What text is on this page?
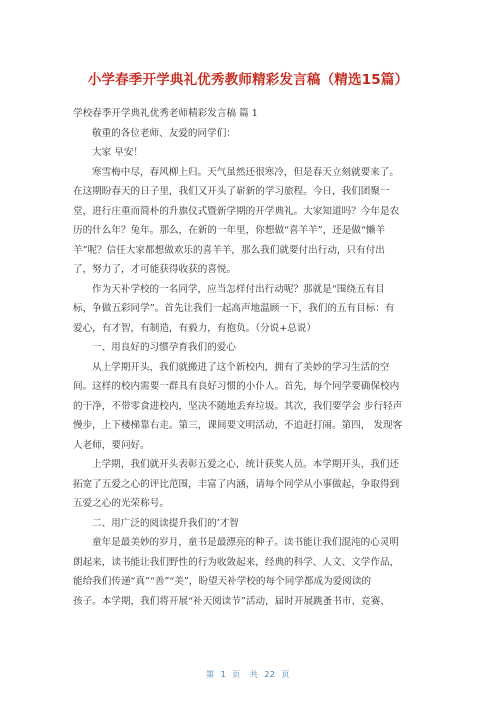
小学春季开学典礼优秀教师精彩发言稿（精选15篇）
学校春季开学典礼优秀老师精彩发言稿 篇 1
敬重的各位老师、友爱的同学们：
大家 早安！
寒雪梅中尽，春风柳上归。天气虽然还很寒冷，但是春天立刻就要来了。
在这期盼春天的日子里，我们又开头了崭新的学习旅程。今日，我们团聚一
堂，进行庄重而简朴的升旗仪式暨新学期的开学典礼。大家知道吗？今年是农
历的什么年？兔年。那么，在新的一年里，你想做“喜羊羊”，还是做“懒羊
羊”呢？信任大家都想做欢乐的喜羊羊，那么我们就要付出行动，只有付出
了，努力了，才可能获得收获的喜悦。
作为天补学校的一名同学，应当怎样付出行动呢？那就是“围绕五有目
标，争做五彩同学”。首先让我们一起高声地温顾一下，我们的五有目标：有
爱心，有才智，有制造，有毅力，有抱负。（分说+总说）
一、用良好的习惯孕育我们的爱心
从上学期开头，我们就搬进了这个新校内，拥有了美妙的学习生活的空
间。这样的校内需要一群具有良好习惯的小仆人。首先，每个同学要确保校内
的干净，不带零食进校内，坚决不随地丢弃垃圾。其次，我们要学会 步行轻声
慢步，上下楼梯靠右走。第三，课间要文明活动，不追赶打闹。第四， 发现客
人老师，要问好。
上学期，我们就开头表彰五爱之心，统计获奖人员。本学期开头，我们还
拓宽了五爱之心的评比范围，丰富了内涵，请每个同学从小事做起，争取得到
五爱之心的光荣称号。
二、用广泛的阅读提升我们的’才智
童年是最美妙的岁月，童书是最漂亮的种子。读书能让我们混沌的心灵明
朗起来，读书能让我们野性的行为收敛起来，经典的科学、人文、文学作品，
能给我们传递“真”“善”“美”，盼望天补学校的每个同学都成为爱阅读的
孩子。本学期，我们将开展“补天阅读节”活动，届时开展跳蚤书市、竞赛、
第 1 页 共 22 页
